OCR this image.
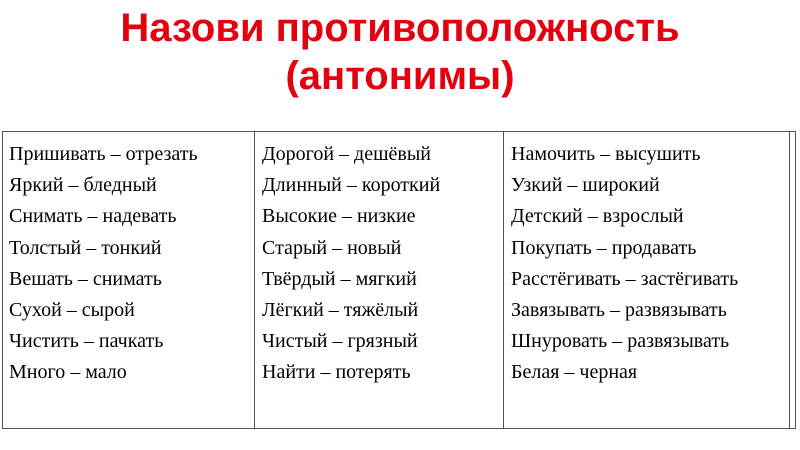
Назови противоположность
(антонимы)
Пришивать – отрезать
Яркий – бледный
Снимать – надевать
Толстый – тонкий
Вешать – снимать
Сухой – сырой
Чистить – пачкать
Много – мало
Дорогой – дешёвый
Длинный – короткий
Высокие – низкие
Старый – новый
Твёрдый – мягкий
Лёгкий – тяжёлый
Чистый – грязный
Найти – потерять
Намочить – высушить
Узкий – широкий
Детский – взрослый
Покупать – продавать
Расстёгивать – застёгивать
Завязывать – развязывать
Шнуровать – развязывать
Белая – черная
